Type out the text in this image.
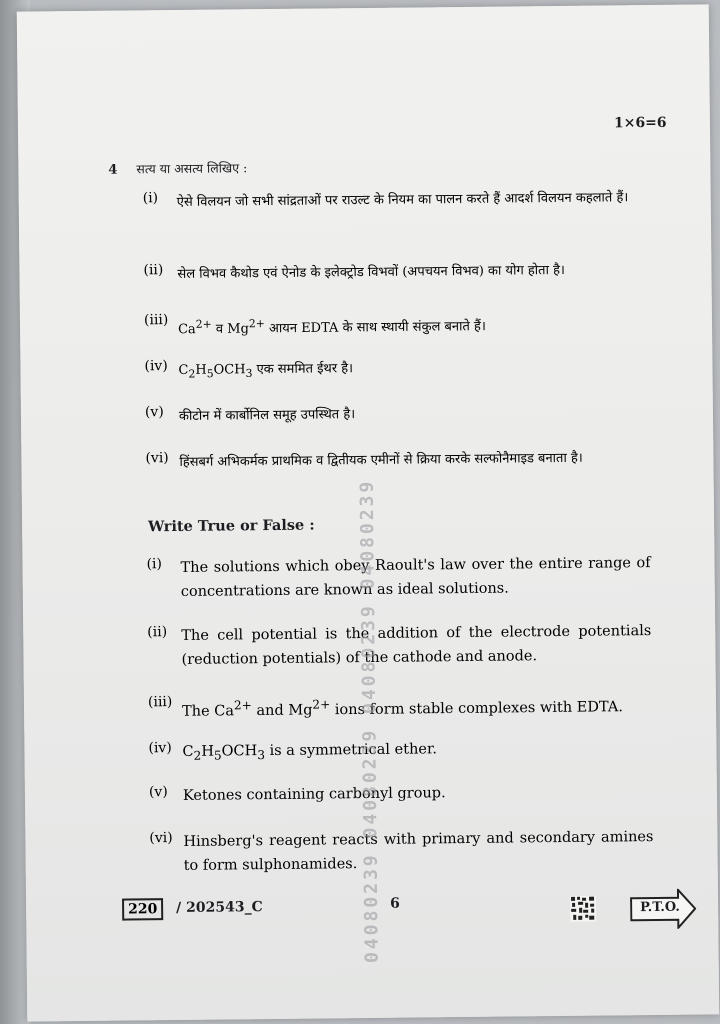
1×6=6
4 सत्य या असत्य लिखिए :
(i) ऐसे विलयन जो सभी सांद्रताओं पर राउल्ट के नियम का पालन करते हैं आदर्श विलयन कहलाते हैं।
(ii) सेल विभव कैथोड एवं ऐनोड के इलेक्ट्रोड विभवों (अपचयन विभव) का योग होता है।
(iii)
$Ca^{2+}$ व $Mg^{2+}$ आयन EDTA के साथ स्थायी संकुल बनाते हैं।
(iv) $C_2H_5OCH_3$ एक सममित ईथर है।
(v) कीटोन में कार्बोनिल समूह उपस्थित है।
(vi) हिंसबर्ग अभिकर्मक प्राथमिक व द्वितीयक एमीनों से क्रिया करके सल्फोनैमाइड बनाता है।
Write True or False :
(i) The solutions which obey Raoult's law over the entire range of concentrations are known as ideal solutions.
(ii) The cell potential is the addition of the electrode potentials (reduction potentials) of the cathode and anode.
(iii)
The $Ca^{2+}$ and $Mg^{2+}$ ions form stable complexes with EDTA.
(iv) $C_2H_5OCH_3$ is a symmetrical ether.
(v) Ketones containing carbonyl group.
(vi) Hinsberg's reagent reacts with primary and secondary amines to form sulphonamides. 04080239 04080239 04080239 04080239
220	/ 202543_C	6	P.T.O.
